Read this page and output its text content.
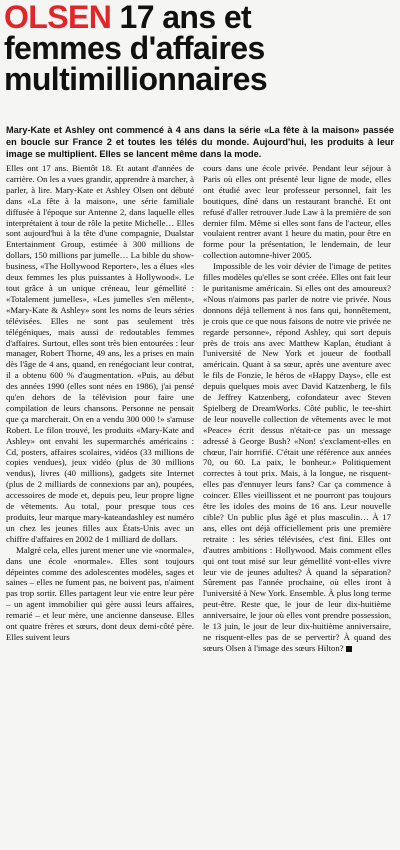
OLSEN 17 ans et
femmes d'affaires
multimillionnaires
Mary-Kate et Ashley ont commencé à 4 ans dans la série «La fête à la maison» passée en boucle sur France 2 et toutes les télés du monde. Aujourd'hui, les produits à leur image se multiplient. Elles se lancent même dans la mode.

Elles ont 17 ans. Bientôt 18. Et autant d'années de carrière. On les a vues grandir, apprendre à marcher, à parler, à lire. Mary-Kate et Ashley Olsen ont débuté dans «La fête à la maison», une série familiale diffusée à l'époque sur Antenne 2, dans laquelle elles interprétaient à tour de rôle la petite Michelle… Elles sont aujourd'hui à la tête d'une compagnie, Dualstar Entertainment Group, estimée à 300 millions de dollars, 150 millions par jumelle… La bible du show-business, «The Hollywood Reporter», les a élues «les deux femmes les plus puissantes à Hollywood». Le tout grâce à un unique créneau, leur gémellité : «Totalement jumelles», «Les jumelles s'en mêlent», «Mary-Kate & Ashley» sont les noms de leurs séries télévisées. Elles ne sont pas seulement très télégéniques, mais aussi de redoutables femmes d'affaires. Surtout, elles sont très bien entourées : leur manager, Robert Thorne, 49 ans, les a prises en main dès l'âge de 4 ans, quand, en renégociant leur contrat, il a obtenu 600 % d'augmentation. «Puis, au début des années 1990 (elles sont nées en 1986), j'ai pensé qu'en dehors de la télévision pour faire une compilation de leurs chansons. Personne ne pensait que ça marcherait. On en a vendu 300 000 !» s'amuse Robert. Le filon trouvé, les produits «Mary-Kate and Ashley» ont envahi les supermarchés américains : Cd, posters, affaires scolaires, vidéos (33 millions de copies vendues), jeux vidéo (plus de 30 millions vendus), livres (40 millions), gadgets site Internet (plus de 2 milliards de connexions par an), poupées, accessoires de mode et, depuis peu, leur propre ligne de vêtements. Au total, pour presque tous ces produits, leur marque mary-kateandashley est numéro un chez les jeunes filles aux États-Unis avec un chiffre d'affaires en 2002 de 1 milliard de dollars.

Malgré cela, elles jurent mener une vie «normale», dans une école «normale». Elles sont toujours dépeintes comme des adolescentes modèles, sages et saines – elles ne fument pas, ne boivent pas, n'aiment pas trop sortir. Elles partagent leur vie entre leur père – un agent immobilier qui gère aussi leurs affaires, remarié – et leur mère, une ancienne danseuse. Elles ont quatre frères et sœurs, dont deux demi-côté père. Elles suivent leurs

cours dans une école privée. Pendant leur séjour à Paris où elles ont présenté leur ligne de mode, elles ont étudié avec leur professeur personnel, fait les boutiques, dîné dans un restaurant branché. Et ont refusé d'aller retrouver Jude Law à la première de son dernier film. Même si elles sont fans de l'acteur, elles voulaient rentrer avant 1 heure du matin, pour être en forme pour la présentation, le lendemain, de leur collection automne-hiver 2005.

Impossible de les voir dévier de l'image de petites filles modèles qu'elles se sont créée. Elles ont fait leur le puritanisme américain. Si elles ont des amoureux? «Nous n'aimons pas parler de notre vie privée. Nous donnons déjà tellement à nos fans qui, honnêtement, je crois que ce que nous faisons de notre vie privée ne regarde personne», répond Ashley, qui sort depuis près de trois ans avec Matthew Kaplan, étudiant à l'université de New York et joueur de football américain. Quant à sa sœur, après une aventure avec le fils de Fonzie, le héros de «Happy Days», elle est depuis quelques mois avec David Katzenberg, le fils de Jeffrey Katzenberg, cofondateur avec Steven Spielberg de DreamWorks. Côté public, le tee-shirt de leur nouvelle collection de vêtements avec le mot «Peace» écrit dessus n'était-ce pas un message adressé à George Bush? «Non! s'exclament-elles en chœur, l'air horrifié. C'était une référence aux années 70, ou 60. La paix, le bonheur.» Politiquement correctes à tout prix. Mais, à la longue, ne risquent-elles pas d'ennuyer leurs fans? Car ça commence à coincer. Elles vieillissent et ne pourront pas toujours être les idoles des moins de 16 ans. Leur nouvelle cible? Un public plus âgé et plus masculin… À 17 ans, elles ont déjà officiellement pris une première retraite : les séries télévisées, c'est fini. Elles ont d'autres ambitions : Hollywood. Mais comment elles qui ont tout misé sur leur gémellité vont-elles vivre leur vie de jeunes adultes? À quand la séparation? Sûrement pas l'année prochaine, où elles iront à l'université à New York. Ensemble. À plus long terme peut-être. Reste que, le jour de leur dix-huitième anniversaire, le jour où elles vont prendre possession, le 13 juin, le jour de leur dix-huitième anniversaire, ne risquent-elles pas de se pervertir? À quand des sœurs Olsen à l'image des sœurs Hilton?
